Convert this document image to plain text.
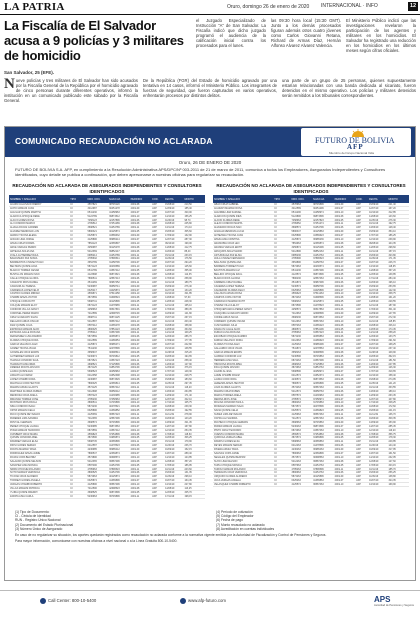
LA PATRIA	Oruro, domingo 26 de enero de 2020 INTERNACIONAL · INFO	12
La Fiscalía de El Salvador acusa a 9 policías y 3 militares de homicidio
San Salvador, 25 (EFE).

Nueve policías y tres militares de El Salvador han sido acusados por la Fiscalía General de la República por el homicidio agravado de cinco personas durante diferentes operativos, informó la institución en un comunicado publicado este sábado por la Fiscalía General.

De la República (FGR) del Estado de homicidio agravado por una tentativa en 14 casos, informó el Ministerio Público. Los integrantes de fuerzas de seguridad, que fueron capturados en varios operativos, enfrentarán procesos por distintos delitos.

una parte de un grupo de 25 personas, quienes supuestamente estarían relacionadas con una banda dedicada al sicariato, fueron detenidos en el mismo operativo. Los policías y militares detenidos serán remitidos a los tribunales correspondientes.

el Juzgado Especializado de Instrucción "A" de San Salvador. La Fiscalía indicó que dicho juzgado programó el audiencia de la calificación inicial contra los procesados para el lunes.

las 09:30 hora local (15:30 GMT). Junto a los demás procesados figuran además otros cuatro jóvenes como Carlos Giovanni Retana, Richard de Armas Díaz, Hernán Alfonso Alvarez Alvarez Valencia.

El Ministerio Público indicó que las investigaciones revelaron la participación de los agentes y militares en los homicidios. El Salvador ha registrado una reducción en los homicidios en los últimos meses según cifras oficiales.

COMUNICADO RECAUDACIÓN NO ACLARADA	FUTURO DE BOLIVIA
AFP
Miembro del Grupo Nacional Vida
Oruro, 26 DE ENERO DE 2020

FUTURO DE BOLIVIA S.A. AFP, en cumplimiento a la Resolución Administrativa APS/DPC/Nº 003-2011 de 21 de marzo de 2011, comunica a todos los Empleadores, Asegurados Independientes y Consultores identificados, cuyo detalle se publica a continuación, que deben apersonarse a nuestras oficinas para regularizar su recaudación.

RECAUDACIÓN NO ACLARADA DE ASEGURADOS INDEPENDIENTES Y CONSULTORES IDENTIFICADOS
NOMBRE Y APELLIDO	TIPO	NRO. DOC.	NUA/CUA	PERIODO	CÓD.	FECHA	MONTO
ACAPA CALLISAYA FREDDY	CI	4567821	38745120	2019-08	AFP	15/08/19	210,50
ACHO MAMANI JUAN	CI	3412987	30451278	2019-09	AFP	12/09/19	185,40
AGUILAR QUISPE MARTHA	CI	6541230	41258963	2019-07	AFP	10/07/19	320,00
ALANOCA CHOQUE RENE	CI	5124789	39874512	2019-10	AFP	14/10/19	156,25
ALAVI FLORES ROSA	CI	7458123	42157896	2019-06	AFP	11/06/19	98,70
ALI CONDORI MARCO	CI	4789512	37451289	2019-08	AFP	16/08/19	245,80
ALIAGA ROJAS CARMEN	CI	3698521	31254789	2019-11	AFP	13/11/19	174,10
ALVAREZ MENDOZA LUIS	CI	5896321	40125874	2019-05	AFP	15/05/19	305,60
AMARU TICONA ELENA	CI	6325874	41589632	2019-09	AFP	17/09/19	132,90
ANCASI LIMA JORGE	CI	4125896	36985214	2019-07	AFP	12/07/19	287,30
APAZA CRUZ NORMA	CI	7854123	42365897	2019-10	AFP	09/10/19	199,00
ARCE VARGAS PEDRO	CI	3256987	30125478	2019-08	AFP	14/08/19	412,75
ARTEAGA SOLIZ ANA	CI	5412369	39852147	2019-06	AFP	10/06/19	88,40
AYALA GUTIERREZ RAUL	CI	6985214	41254789	2019-11	AFP	15/11/19	233,15
BALDIVIEZO PAZ SONIA	CI	4785632	37896541	2019-09	AFP	11/09/19	176,50
BARRIENTOS CHAVEZ HUGO	CI	3654789	31458796	2019-07	AFP	16/07/19	294,20
BELTRAN QUISPE LIDIA	CI	5874123	40236589	2019-10	AFP	13/10/19	145,60
BLANCO TORREZ CESAR	CI	6541789	41587412	2019-05	AFP	14/05/19	365,00
BUSTILLOS MAMANI IVAN	CI	4123698	36874521	2019-08	AFP	12/08/19	112,35
CALLE CHOQUE GLORIA	CI	7896541	42587413	2019-06	AFP	17/06/19	258,90
CAMACHO RIOS DANIEL	CI	3541269	30987452	2019-11	AFP	10/11/19	189,75
CANAVIRI ALI TERESA	CI	5236987	39658741	2019-09	AFP	15/09/19	276,40
CARDENAS LOPEZ FELIX	CI	6325417	41025874	2019-07	AFP	11/07/19	134,20
CASTRO FLORES MIRIAM	CI	4569871	37541258	2019-10	AFP	16/10/19	321,85
CHAMBI APAZA VICTOR	CI	3874569	31698524	2019-08	AFP	13/08/19	97,60
CHOQUE COPA RUTH	CI	5698741	40125896	2019-05	AFP	14/05/19	248,30
COLQUE MAMANI ELOY	CI	6874123	41478965	2019-11	AFP	12/11/19	165,10
CONDORI VILLCA NANCY	CI	4258963	36547891	2019-06	AFP	17/06/19	389,45
CORONEL PEREZ MARIO	CI	7412589	42698745	2019-09	AFP	10/09/19	121,80
CRUZ GUARACHI SILVIA	CI	3698741	30874125	2019-07	AFP	15/07/19	267,15
DELGADO ARIAS OSCAR	CI	5412587	39587412	2019-10	AFP	11/10/19	203,40
DIAZ QUISPE JULIA	CI	6587412	41365478	2019-08	AFP	16/08/19	158,90
ESPINOZA MAMANI ALDO	CI	4896325	37854123	2019-05	AFP	13/05/19	334,60
ESTRADA CALLE ROXANA	CI	3785412	31587496	2019-11	AFP	14/11/19	109,25
FERNANDEZ LUNA RAMIRO	CI	5874569	40365874	2019-06	AFP	12/06/19	286,70
FLORES CHOQUE DORA	CI	6412589	41289654	2019-09	AFP	17/09/19	177,35
GARCIA VELASCO ALEX	CI	4125874	36985471	2019-07	AFP	10/07/19	242,80
GOMEZ TICONA VILMA	CI	7541236	42478596	2019-10	AFP	15/10/19	138,55
GONZALES CRUZ EDWIN	CI	3658947	30698541	2019-08	AFP	11/08/19	315,20
GUTIERREZ MAMANI LUZ	CI	5236974	39745812	2019-05	AFP	16/05/19	194,65
HUANCA CONDORI SAUL	CI	6874521	41587423	2019-11	AFP	13/11/19	258,40
HUARACHI LIMA IRMA	CI	4698521	37125896	2019-06	AFP	14/06/19	127,90
JIMENEZ ROCHA WILSON	CI	3874125	31854796	2019-09	AFP	12/09/19	376,15
LAURA QUISPE EVA	CI	5698523	40258963	2019-07	AFP	17/07/19	149,30
LIMACHI ALI FRANZ	CI	6412358	41652398	2019-10	AFP	10/10/19	228,75
LOPEZ CHAMBI NORA	CI	4236987	36874529	2019-08	AFP	15/08/19	183,60
MACHACA COPA HECTOR	CI	7896325	42365814	2019-05	AFP	11/05/19	297,45
MAMANI APAZA GLADYS	CI	3574125	30587412	2019-11	AFP	16/11/19	116,20
MARTINEZ FLORES RUBEN	CI	5412698	39658412	2019-06	AFP	13/06/19	264,85
MENDOZA CRUZ ADELA	CI	6587423	41236985	2019-09	AFP	14/09/19	171,40
MIRANDA TORREZ JOSE	CI	4785236	37458963	2019-07	AFP	12/07/19	342,10
MONTAÑO RIOS PAOLA	CI	3896541	31745896	2019-10	AFP	17/10/19	105,75
NINA CONDORI ISAAC	CI	5874236	40478521	2019-08	AFP	10/08/19	239,30
ORTIZ MAMANI CELIA	CI	6325896	41369852	2019-05	AFP	15/05/19	192,55
PACO QUISPE REYNALDO	CI	4125369	36587423	2019-11	AFP	11/11/19	278,90
PAREDES LIMA SANDRA	CI	7412365	42587496	2019-06	AFP	16/06/19	143,20
PATZI ALI GERMAN	CI	3698574	30745896	2019-09	AFP	13/09/19	321,45
PEREZ CHOQUE LILIANA	CI	5236985	39874563	2019-07	AFP	14/07/19	167,80
POMA MAMANI TEODORO	CI	6874569	41587412	2019-10	AFP	12/10/19	254,35
QUISBERT CRUZ MARIA	CI	4569823	37254896	2019-08	AFP	17/08/19	118,60
QUISPE CONDORI ABEL	CI	3874596	31965874	2019-05	AFP	10/05/19	306,25
RAMIREZ VARGAS ELSA	CI	5698745	40365896	2019-11	AFP	15/11/19	179,90
RIOS FLORES SERGIO	CI	6412587	41478523	2019-06	AFP	11/06/19	236,70
ROCHA MAMANI TANIA	CI	4236985	36985412	2019-09	AFP	16/09/19	152,15
RODRIGUEZ APAZA JAIME	CI	7896547	42369874	2019-07	AFP	13/07/19	289,40
ROJAS COPA BEATRIZ	CI	3574896	30698574	2019-10	AFP	14/10/19	124,85
SALAZAR QUISPE NELSON	CI	5412365	39587496	2019-08	AFP	12/08/19	357,20
SANCHEZ LIMA MONICA	CI	6587496	41254796	2019-05	AFP	17/05/19	186,95
SIRPA CHOQUE ROLANDO	CI	4785963	37896523	2019-11	AFP	10/11/19	243,60
SOTO MAMANI VERONICA	CI	3896525	31254796	2019-06	AFP	15/06/19	131,35
TICONA CRUZ ALFREDO	CI	5874963	40125874	2019-09	AFP	11/09/19	298,10
TORREZ FLORES ANGELA	CI	6325874	41365896	2019-07	AFP	16/07/19	164,45
VARGAS CHAMBI ROBERTO	CI	4125896	36587496	2019-10	AFP	13/10/19	227,80
VILLCA MAMANI PATRICIA	CI	7412596	42698523	2019-08	AFP	14/08/19	113,25
YUJRA QUISPE FREDDY	CI	3698525	30874596	2019-05	AFP	12/05/19	345,70
ZAPATA LIMA CARLA	CI	5236963	39745896	2019-11	AFP	17/11/19	198,15
RECAUDACIÓN NO ACLARADA DE ASEGURADOS INDEPENDIENTES Y CONSULTORES IDENTIFICADOS
NOMBRE Y APELLIDO	TIPO	NRO. DOC.	NUA/CUA	PERIODO	CÓD.	FECHA	MONTO
ABAN CRUZ GABRIEL	CI	4578963	38745896	2019-09	AFP	15/09/19	221,40
ACARAPI MAMANI ROSA	CI	3412589	30451296	2019-07	AFP	12/07/19	167,20
AGUIRRE LIMA SAMUEL	CI	6541296	41258974	2019-10	AFP	10/10/19	312,85
ALARCON QUISPE INES	CI	5124896	39874596	2019-08	AFP	14/08/19	143,60
ALCON FLORES RENE	CI	7458963	42157823	2019-05	AFP	11/05/19	276,30
ALEJO CONDORI MARTA	CI	4789652	37451274	2019-11	AFP	16/11/19	192,75
ALVARADO ROJAS IVAN	CI	3698574	31254796	2019-06	AFP	13/06/19	128,40
ANAGUA MENDOZA LUCIA	CI	5896347	40125863	2019-09	AFP	15/09/19	354,10
ANTEZANA TICONA JUAN	CI	6325896	41589623	2019-07	AFP	17/07/19	186,25
APAZA LIMA CRISTINA	CI	4125874	36985236	2019-10	AFP	12/10/19	239,90
ARANCIBIA CRUZ LEO	CI	7854963	42365874	2019-08	AFP	09/08/19	104,35
ARANDA VARGAS EDITH	CI	3256874	30125496	2019-05	AFP	14/05/19	298,60
ARUQUIPA SOLIZ MARIO	CI	5412896	39852163	2019-11	AFP	10/11/19	157,15
ASTURIZAGA PAZ ELISA	CI	6985236	41254763	2019-06	AFP	15/06/19	323,80
AVILA CHAVEZ FERNANDO	CI	4785696	37896523	2019-09	AFP	11/09/19	171,45
BALLIVIAN QUISPE ANA	CI	3654896	31458763	2019-07	AFP	16/07/19	246,70
BARRERA TORREZ HUGO	CI	5874963	40236574	2019-10	AFP	13/10/19	118,95
BAUTISTA MAMANI LIZ	CI	6541236	41587496	2019-08	AFP	14/08/19	367,20
BELLIDO CHOQUE RAUL	CI	4123574	36874596	2019-05	AFP	12/05/19	139,85
BLANCO RIOS GLORIA	CI	7896236	42587463	2019-11	AFP	17/11/19	284,40
CABRERA CRUZ DANIEL	CI	3541874	30987496	2019-06	AFP	10/06/19	196,10
CACERES LOPEZ TERESA	CI	5236574	39658796	2019-09	AFP	15/09/19	253,65
CALDERON FLORES FELIX	CI	6325963	41025896	2019-07	AFP	11/07/19	122,30
CALLISAYA APAZA ROSA	CI	4569623	37541263	2019-10	AFP	16/10/19	338,75
CAMPOS COPA VICTOR	CI	3874263	31698596	2019-08	AFP	13/08/19	161,20
CARRASCO MAMANI RUTH	CI	5698263	40125874	2019-05	AFP	14/05/19	229,55
CHAVEZ VILLCA ELOY	CI	6874596	41478523	2019-11	AFP	12/11/19	187,90
CHOQUEHUANCA PEREZ NANCY	CI	4258574	36547863	2019-06	AFP	17/06/19	301,40
COAQUIRA GUARACHI MARIO	CI	7412963	42698596	2019-09	AFP	10/09/19	147,65
CONDE ARIAS SILVIA	CI	3698236	30874563	2019-07	AFP	15/07/19	272,30
CORDERO QUISPE OSCAR	CI	5412963	39587463	2019-10	AFP	11/10/19	115,85
CUSI MAMANI JULIA	CI	6587263	41365423	2019-08	AFP	16/08/19	346,10
DAVALOS CALLE ALDO	CI	4896574	37854196	2019-05	AFP	13/05/19	174,45
DURAN LUNA ROXANA	CI	3785963	31587423	2019-11	AFP	14/11/19	258,20
ESCOBAR CHOQUE RAMIRO	CI	5874236	40365863	2019-06	AFP	12/06/19	133,75
FARFAN VELASCO DORA	CI	6412963	41289623	2019-09	AFP	17/09/19	291,60
FLORES TICONA ALEX	CI	4125263	36985496	2019-07	AFP	10/07/19	168,25
GALLARDO CRUZ VILMA	CI	7541874	42478563	2019-10	AFP	15/10/19	237,40
GARCIA MAMANI EDWIN	CI	3658263	30698596	2019-08	AFP	11/08/19	109,90
GUZMAN CONDORI LUZ	CI	5236596	39745863	2019-05	AFP	16/05/19	362,15
HERRERA LIMA SAUL	CI	6874263	41587496	2019-11	AFP	13/11/19	181,50
HINOJOSA ROCHA IRMA	CI	4698263	37125863	2019-06	AFP	14/06/19	247,85
INCA QUISPE WILSON	CI	3874963	31854763	2019-09	AFP	12/09/19	126,30
JALDIN ALI EVA	CI	5698596	40258974	2019-07	AFP	17/07/19	319,65
LAIME CHAMBI FRANZ	CI	6412574	41652374	2019-10	AFP	10/10/19	158,40
LAURA COPA NORA	CI	4236574	36874563	2019-08	AFP	15/08/19	274,95
LEDEZMA APAZA HECTOR	CI	7896574	42365896	2019-05	AFP	11/05/19	141,20
LOZA FLORES GLADYS	CI	3574263	30587463	2019-11	AFP	16/11/19	333,55
MAMANI CRUZ RUBEN	CI	5412574	39658763	2019-06	AFP	13/06/19	189,10
MARCA TORREZ ADELA	CI	6587574	41236963	2019-09	AFP	14/09/19	263,45
MEDINA RIOS JOSE	CI	4785574	37458974	2019-07	AFP	12/07/19	107,80
MOLINA CONDORI PAOLA	CI	3896263	31745863	2019-10	AFP	17/10/19	348,25
MORALES MAMANI ISAAC	CI	5874574	40478596	2019-08	AFP	10/08/19	172,60
NAVIA QUISPE CELIA	CI	6325574	41369823	2019-05	AFP	15/05/19	241,15
NUÑEZ LIMA REYNALDO	CI	4125963	36587463	2019-11	AFP	11/11/19	136,70
OCHOA ALI SANDRA	CI	7412574	42587463	2019-06	AFP	16/06/19	309,35
PACHECO CHOQUE GERMAN	CI	3698963	30745863	2019-09	AFP	13/09/19	153,90
PARRA MAMANI LILIANA	CI	5236263	39874596	2019-07	AFP	14/07/19	285,45
PINTO CRUZ TEODORO	CI	6874963	41587463	2019-10	AFP	12/10/19	119,20
QUENTA CONDORI MARIA	CI	4569574	37254863	2019-08	AFP	17/08/19	356,75
QUIROGA VARGAS ABEL	CI	3874574	31965896	2019-05	AFP	10/05/19	178,30
RAMOS FLORES ELSA	CI	5698963	40365863	2019-11	AFP	15/11/19	249,85
REYES MAMANI SERGIO	CI	6412263	41478596	2019-06	AFP	11/06/19	144,40
RIVERA APAZA TANIA	CI	4236263	36985463	2019-09	AFP	16/09/19	317,95
SALINAS COPA JAIME	CI	7896963	42369896	2019-07	AFP	13/07/19	161,50
SEGALES QUISPE BEATRIZ	CI	3574574	30698563	2019-10	AFP	14/10/19	232,05
SUXO LIMA NELSON	CI	5412263	39587463	2019-08	AFP	12/08/19	127,60
TAPIA CHOQUE MONICA	CI	6587963	41254763	2019-05	AFP	17/05/19	343,15
TARQUI MAMANI ROLANDO	CI	4785263	37896596	2019-11	AFP	10/11/19	185,70
TERRAZAS CRUZ VERONICA	CI	3896963	31254763	2019-06	AFP	15/06/19	256,25
URQUIZO FLORES ALFREDO	CI	5874263	40125896	2019-09	AFP	11/09/19	138,80
VACA VARGAS ANGELA	CI	6325263	41365863	2019-07	AFP	16/07/19	324,35
VELASQUEZ CHAMBI ROBERTO	CI	4125574	36587463	2019-10	AFP	13/10/19	169,90
(1) Tipo de Documento:
CI - Cédula de Identidad
RUN - Registro Único Nacional
(2) Documento del Estado Plurinacional
(3) Número Único de Asegurado
(4) Período de cotización
(5) Código del Empleador
(6) Fecha de pago
(7) Monto recaudado no aclarado
(8) Acreditación en cuentas individuales

En caso de no regularizar su situación, los aportes quedarán registrados como recaudación no aclarada conforme a la normativa vigente emitida por la Autoridad de Fiscalización y Control de Pensiones y Seguros.

Para mayor información, comunicarse con nuestras oficinas a nivel nacional o a la Línea Gratuita 800-10-5400.

Call Center: 800-10-5400	www.afp-futuro.com	APS
Autoridad de Pensiones y Seguros
